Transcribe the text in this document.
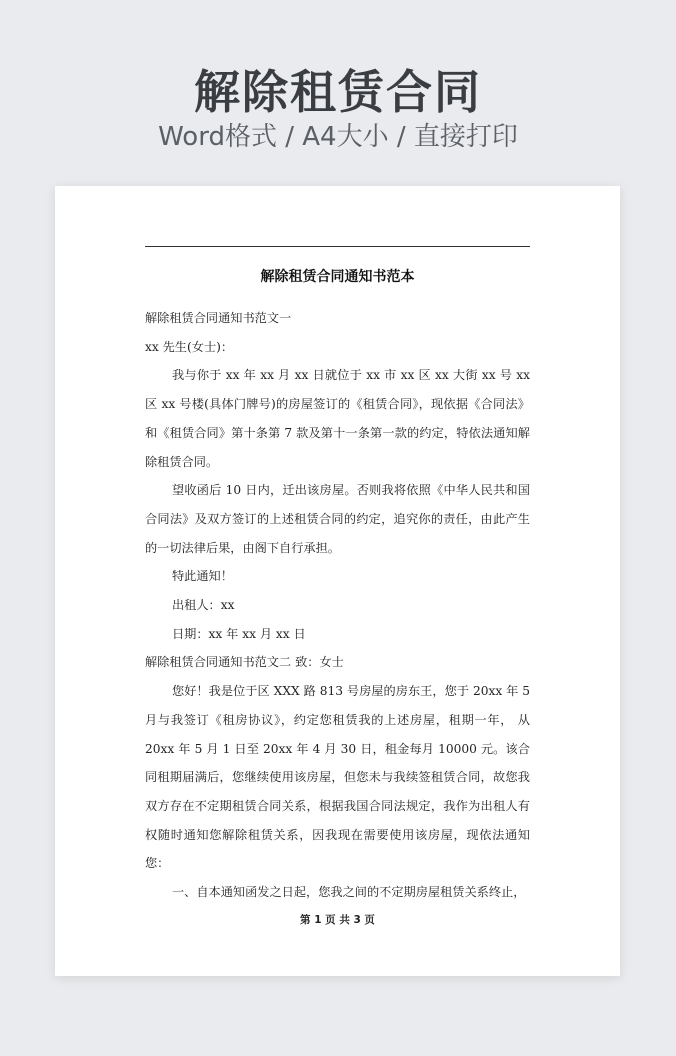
解除租赁合同
Word格式 / A4大小 / 直接打印
解除租赁合同通知书范本

解除租赁合同通知书范文一

xx 先生(女士)：

我与你于 xx 年 xx 月 xx 日就位于 xx 市 xx 区 xx 大街 xx 号 xx 区 xx 号楼(具体门牌号)的房屋签订的《租赁合同》，现依据《合同法》和《租赁合同》第十条第 7 款及第十一条第一款的约定，特依法通知解除租赁合同。

望收函后 10 日内，迁出该房屋。否则我将依照《中华人民共和国合同法》及双方签订的上述租赁合同的约定，追究你的责任，由此产生的一切法律后果，由阁下自行承担。

特此通知！

出租人：xx

日期：xx 年 xx 月 xx 日

解除租赁合同通知书范文二 致：女士

您好！我是位于区 XXX 路 813 号房屋的房东王，您于 20xx 年 5 月与我签订《租房协议》，约定您租赁我的上述房屋，租期一年， 从 20xx 年 5 月 1 日至 20xx 年 4 月 30 日，租金每月 10000 元。该合同租期届满后，您继续使用该房屋，但您未与我续签租赁合同，故您我双方存在不定期租赁合同关系，根据我国合同法规定，我作为出租人有权随时通知您解除租赁关系，因我现在需要使用该房屋，现依法通知您：

一、自本通知函发之日起，您我之间的不定期房屋租赁关系终止，

第 1 页 共 3 页
